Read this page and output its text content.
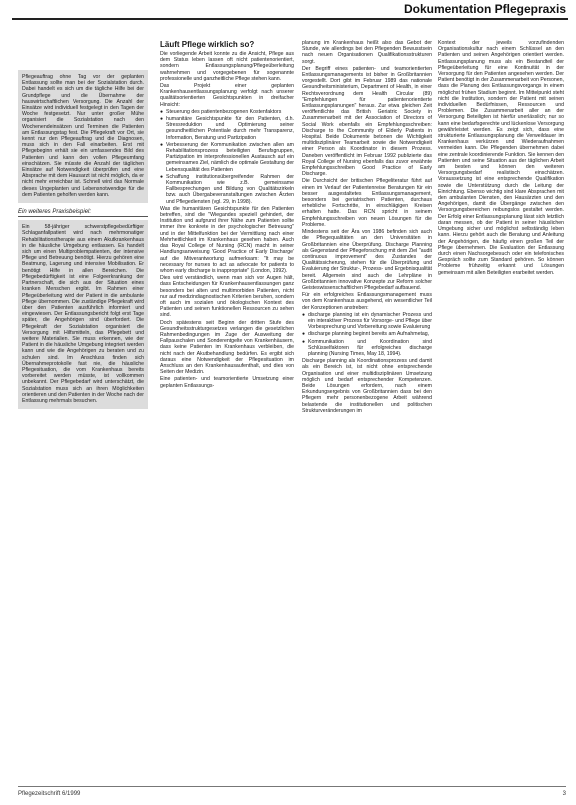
Dokumentation Pflegepraxis

Pflegeauftrag ohne Tag vor der geplanten Entlassung sollte man bei der Sozialstation durch. Dabei handelt es sich um die tägliche Hilfe bei der Grundpflege und die Übernahme der hauswirtschaftlichen Versorgung. Die Anzahl der Einsätze wird individuell festgelegt in den Tagen der Woche festgesetzt. Nur unter großer Mühe organisiert die Sozialstation nach den Wochenendeinsätzen und Terminen die Patienten am Entlassungstag fest. Die Pflegekraft vor Ort, sie kennt nur den Pflegeauftrag und die Diagnosen, muss sich in den Fall einarbeiten. Erst mit Pflegebeginn erhält sie ein umfassendes Bild des Patienten und kann den vollen Pflegeumfang einschätzen. Sie müsste die Anzahl der täglichen Einsätze auf Notwendigkeit überprüfen und eine Absprache mit dem Hausarzt ist nicht möglich, da er nicht mehr erreichbar ist. Schnell wird das Normale dieses Ungeplanten und Lebensnotwendige für die dem Patienten geholfen werden kann.

Ein weiteres Praxisbeispiel:

Ein 58-jähriger schwerstpflegebedürftiger Schlaganfallpatient wird nach mehrmonatiger Rehabilitationstherapie aus einem Akutkrankenhaus in die häusliche Umgebung entlassen. Es handelt sich um einen Multiproblempatienten, der intensive Pflege und Betreuung benötigt. Hierzu gehören eine Beatmung, Lagerung und intensive Mobilisation. Er benötigt Hilfe in allen Bereichen. Die Pflegebedürftigkeit ist eine Folgeerkrankung der Partnerschaft, die sich aus der Situation eines kranken Menschen ergibt. Im Rahmen einer Pflegeüberleitung wird der Patient in die ambulante Pflege übernommen. Die zuständige Pflegekraft wird über den Patienten ausführlich informiert und eingewiesen. Der Entlassungsbericht folgt erst Tage später, die Angehörigen sind überfordert. Die Pflegekraft der Sozialstation organisiert die Versorgung mit Hilfsmitteln, das Pflegebett und weitere Materialien. Sie muss erkennen, wie der Patient in die häusliche Umgebung integriert werden kann und wie die Angehörigen zu beraten und zu schulen sind. Im Anschluss finden sich Übernahmeprotokolle fast nie, die häusliche Pflegesituation, die vom Krankenhaus bereits vorbereitet werden müsste, ist vollkommen unbekannt. Der Pflegebedarf wird unterschätzt, die Sozialstation muss sich an ihren Möglichkeiten orientieren und den Patienten in der Woche nach der Entlassung mehrmals besuchen.

Läuft Pflege wirklich so?

Die vorliegende Arbeit konnte zu die Ansicht, Pflege aus dem Status leben lassen oft nicht patientenorientiert, sondern Entlassungsplanung/Pflegeüberleitung wahrnehmen und vorgegebenen für sogenannte professionelle und ganzheitliche Pflege stehen kann.

Das Projekt einer geplanten Krankenhausentlassungsplanung verfolgt nach unserer qualitätsorientierten Gesichtspunkten in dreifacher Hinsicht:

● Steuerung des patientenbezogenen Kostenfaktors

● humanitäre Gesichtspunkte für den Patienten, d.h. Stressreduktion und Optimierung seiner gesundheitlichen Potentiale durch mehr Transparenz, Information, Beratung und Partizipation

● Verbesserung der Kommunikation zwischen allen am Rehabilitationsprozess beteiligten Berufsgruppen, Partizipation im interprofessionellen Austausch auf ein gemeinsames Ziel, nämlich die optimale Gestaltung der Lebensqualität des Patienten

● Schaffung institutionsübergreifender Rahmen der Kommunikation wie z.B. gemeinsame Fallbesprechungen und Bildung von Qualitätszirkeln bzw. auch Übergabeveranstaltungen zwischen Ärzten und Pflegediensten (vgl. 29, in 1998).

Was die humanitären Gesichtspunkte für den Patienten betreffen, sind die "Wiegandes speziell gehindert, der Institution und aufgrund ihrer Nähe zum Patienten sollte immer ihre konkrete in der psychologischer Betreuung" und in der Mittelfunktion bei der Vermittlung nach einer Mehrheitlichkeit im Krankenhaus gesehen haben. Auch das Royal College of Nursing (RCN) macht in seiner Handlungsanweisung 'Good Practice of Early Discharge' auf die Mitverantwortung aufmerksam: "It may be necessary for nurses to act as advocate for patients to whom early discharge is inappropriate" (London, 1992).

Dies wird verständlich, wenn man sich vor Augen hält, dass Entscheidungen für Krankenhausentlassungen ganz besonders bei alten und multimorbiden Patienten, nicht nur auf medizindiagnostischen Kriterien beruhen, sondern oft auch im sozialen und ökologischen Kontext des Patienten und seinen funktionellen Ressourcen zu sehen sind.

Doch spätestens seit Beginn der dritten Stufe des Gesundheitsstrukturgesetzes verlangen die gesetzlichen Rahmenbedingungen im Zuge der Ausweitung der Fallpauschalen und Sonderentgelte von Krankenhäusern, dass keine Patienten im Krankenhaus verbleiben, die nicht nach der Akutbehandlung bedürfen. Es ergibt sich daraus eine Notwendigkeit der Pflegesituation im Anschluss an den Krankenhausaufenthalt, und dies von Seiten der Medizin.

Eine patienten- und teamorientierte Umsetzung einer geplanten Entlassungs-

planung im Krankenhaus heißt also das Gebot der Stunde, wie allerdings bei den Pflegenden Bewusstsein nach neuen Organisationen Qualifikationsstrukturen sorgt.

Der Begriff eines patienten- und teamorientierten Entlassungsmanagements ist bisher in Großbritannien vorgestellt. Dort gibt im Februar 1989 das nationale Gesundheitsministerium, Department of Health, in einer Rechtsverordnung dem Health Circular (89) "Empfehlungen für patientenorientierte Entlassungsplanungen" heraus. Zur etwa gleichen Zeit veröffentlichte das British Geriatric Society in Zusammenarbeit mit der Association of Directors of Social Work ebenfalls ein Empfehlungsschreiben: Discharge to the Community of Elderly Patients in Hospital. Beide Dokumente betonen die Wichtigkeit multidisziplinärer Teamarbeit sowie die Notwendigkeit einer Person als Koordinator in diesem Prozess. Daneben veröffentlicht im Februar 1992 publizierte das Royal College of Nursing ebenfalls das zuvor erwähnte Empfehlungsschreiben Good Practice of Early Discharge.

Die Durchsicht der britischen Pflegeliteratur führt auf einen im Verlauf der Patientenreise Beratungen für ein besser ausgestaltetes Entlassungsmanagement, besonders bei geriatrischen Patienten, durchaus erhebliche Fortschritte, in einschlägigen Kreisen erhalten hatte. Das RCN spricht in seinem Empfehlungsschreiben von neuen Lösungen für die Probleme.

Mindestens seit der Ära von 1986 befinden sich auch die Pflegequalitäten an den Universitäten in Großbritannien eine Überprüfung. Discharge Planning als Gegenstand der Pflegeforschung mit dem Ziel "audit continuous improvement" des Zustandes der Qualitätssicherung, stehen für die Überprüfung und Evaluierung der Struktur-, Prozess- und Ergebnisqualität bereit. Allgemein sind auch die Lehrpläne in Großbritannien innovative Konzepte zur Reform solcher Geisteswissenschaftlichen Pflegebedarf aufbauend.

Für ein erfolgreiches Entlassungsmanagement muss von dem Krankenhaus ausgehend, ein wesentlicher Teil der Konzeptionen anstreben:

● discharge planning ist ein dynamischer Prozess und ein interaktiver Prozess für Vorsorge- und Pflege über Vorbesprechung und Vorbereitung sowie Evaluierung

● discharge planning beginnt bereits am Aufnahmetag,

● Kommunikation und Koordination sind Schlüsselfaktoren für erfolgreiches discharge planning (Nursing Times, May 18, 1994).

Discharge planning als Koordinationsprozess und damit als ein Bereich ist, ist nicht ohne entsprechende Organisation und einer multidisziplinären Umsetzung möglich und bedarf entsprechender Kompetenzen. Beide Lösungen erfordern, nach einem Erkundungsergebnis von Großbritannien dass bei den Pflegern mehr personenbezogene Arbeit während belastende die institutionellen und politischen Strukturveränderungen im

Kontext der jeweils vorzufindenden Organisationskultur nach einem Schlüssel an den Patienten und seinen Angehörigen orientiert werden. Entlassungsplanung muss als ein Bestandteil der Pflegeüberleitung für eine Kontinuität in der Versorgung für den Patienten angesehen werden. Der Patient benötigt in der Zusammenarbeit von Personen, dass die Planung des Entlassungsvorgangs in einem möglichst frühen Stadium beginnt. Im Mittelpunkt steht nicht die Institution, sondern der Patient mit seinen individuellen Bedürfnissen, Ressourcen und Problemen. Die Zusammenarbeit aller an der Versorgung Beteiligten ist hierfür unerlässlich; nur so kann eine bedarfsgerechte und lückenlose Versorgung gewährleistet werden. Es zeigt sich, dass eine strukturierte Entlassungsplanung die Verweildauer im Krankenhaus verkürzen und Wiederaufnahmen vermeiden kann. Die Pflegenden übernehmen dabei eine zentrale koordinierende Funktion. Sie kennen den Patienten und seine Situation aus der täglichen Arbeit am besten und können den weiteren Versorgungsbedarf realistisch einschätzen. Voraussetzung ist eine entsprechende Qualifikation sowie die Unterstützung durch die Leitung der Einrichtung. Ebenso wichtig sind klare Absprachen mit den ambulanten Diensten, den Hausärzten und den Angehörigen, damit die Übergänge zwischen den Versorgungsbereichen reibungslos gestaltet werden. Der Erfolg einer Entlassungsplanung lässt sich letztlich daran messen, ob der Patient in seiner häuslichen Umgebung sicher und möglichst selbständig leben kann. Hierzu gehört auch die Beratung und Anleitung der Angehörigen, die häufig einen großen Teil der Pflege übernehmen. Die Evaluation der Entlassung durch einen Nachsorgebesuch oder ein telefonisches Gespräch sollte zum Standard gehören. So können Probleme frühzeitig erkannt und Lösungen gemeinsam mit allen Beteiligten erarbeitet werden.

Pflegezeitschrift 6/1999	3
